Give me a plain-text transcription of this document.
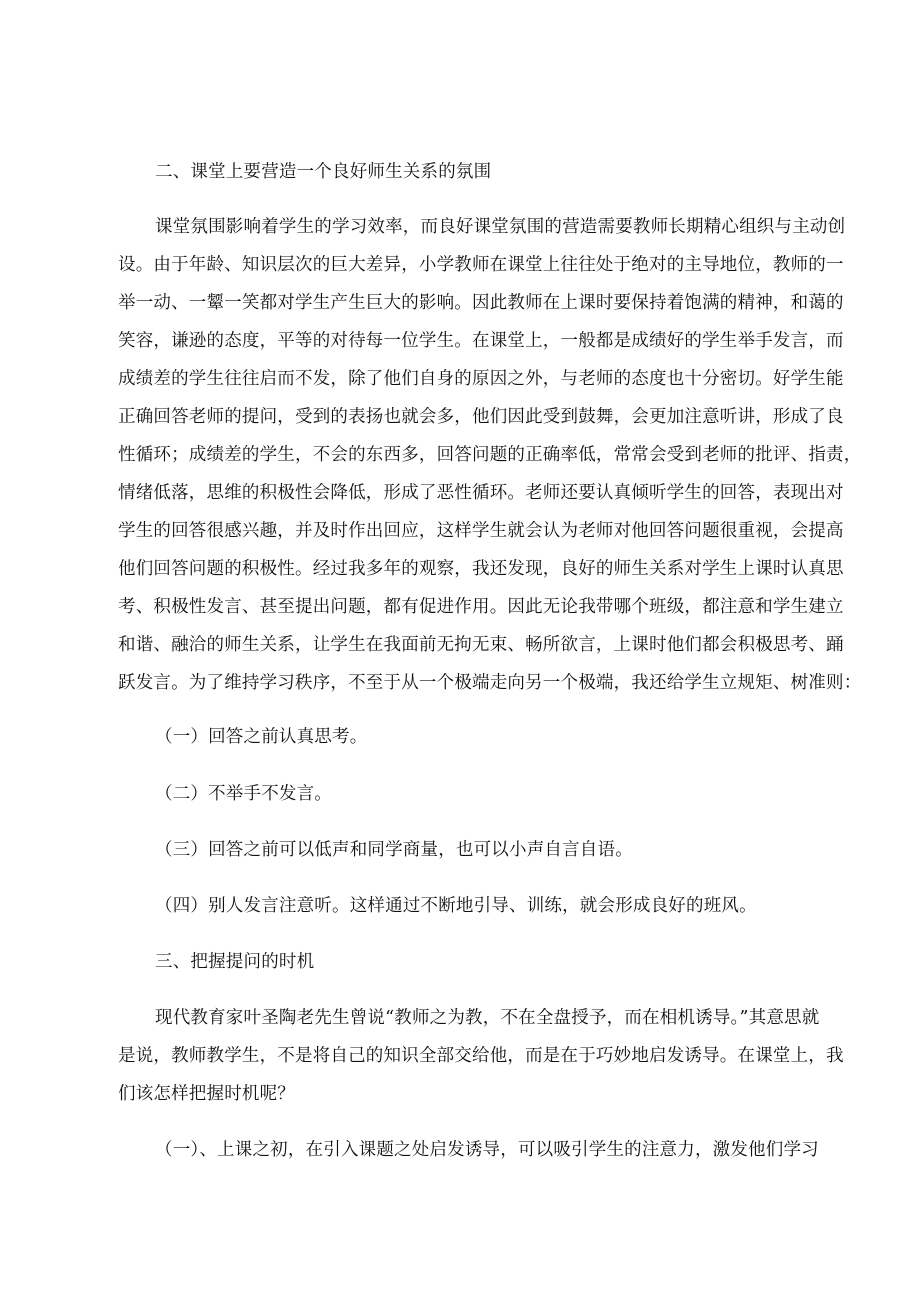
二、课堂上要营造一个良好师生关系的氛围
课堂氛围影响着学生的学习效率，而良好课堂氛围的营造需要教师长期精心组织与主动创
设。由于年龄、知识层次的巨大差异，小学教师在课堂上往往处于绝对的主导地位，教师的一
举一动、一颦一笑都对学生产生巨大的影响。因此教师在上课时要保持着饱满的精神，和蔼的
笑容，谦逊的态度，平等的对待每一位学生。在课堂上，一般都是成绩好的学生举手发言，而
成绩差的学生往往启而不发，除了他们自身的原因之外，与老师的态度也十分密切。好学生能
正确回答老师的提问，受到的表扬也就会多，他们因此受到鼓舞，会更加注意听讲，形成了良
性循环；成绩差的学生，不会的东西多，回答问题的正确率低，常常会受到老师的批评、指责，
情绪低落，思维的积极性会降低，形成了恶性循环。老师还要认真倾听学生的回答，表现出对
学生的回答很感兴趣，并及时作出回应，这样学生就会认为老师对他回答问题很重视，会提高
他们回答问题的积极性。经过我多年的观察，我还发现，良好的师生关系对学生上课时认真思
考、积极性发言、甚至提出问题，都有促进作用。因此无论我带哪个班级，都注意和学生建立
和谐、融洽的师生关系，让学生在我面前无拘无束、畅所欲言，上课时他们都会积极思考、踊
跃发言。为了维持学习秩序，不至于从一个极端走向另一个极端，我还给学生立规矩、树准则：
（一）回答之前认真思考。
（二）不举手不发言。
（三）回答之前可以低声和同学商量，也可以小声自言自语。
（四）别人发言注意听。这样通过不断地引导、训练，就会形成良好的班风。
三、把握提问的时机
现代教育家叶圣陶老先生曾说“教师之为教，不在全盘授予，而在相机诱导。”其意思就
是说，教师教学生，不是将自己的知识全部交给他，而是在于巧妙地启发诱导。在课堂上，我
们该怎样把握时机呢？
（一）、上课之初，在引入课题之处启发诱导，可以吸引学生的注意力，激发他们学习
